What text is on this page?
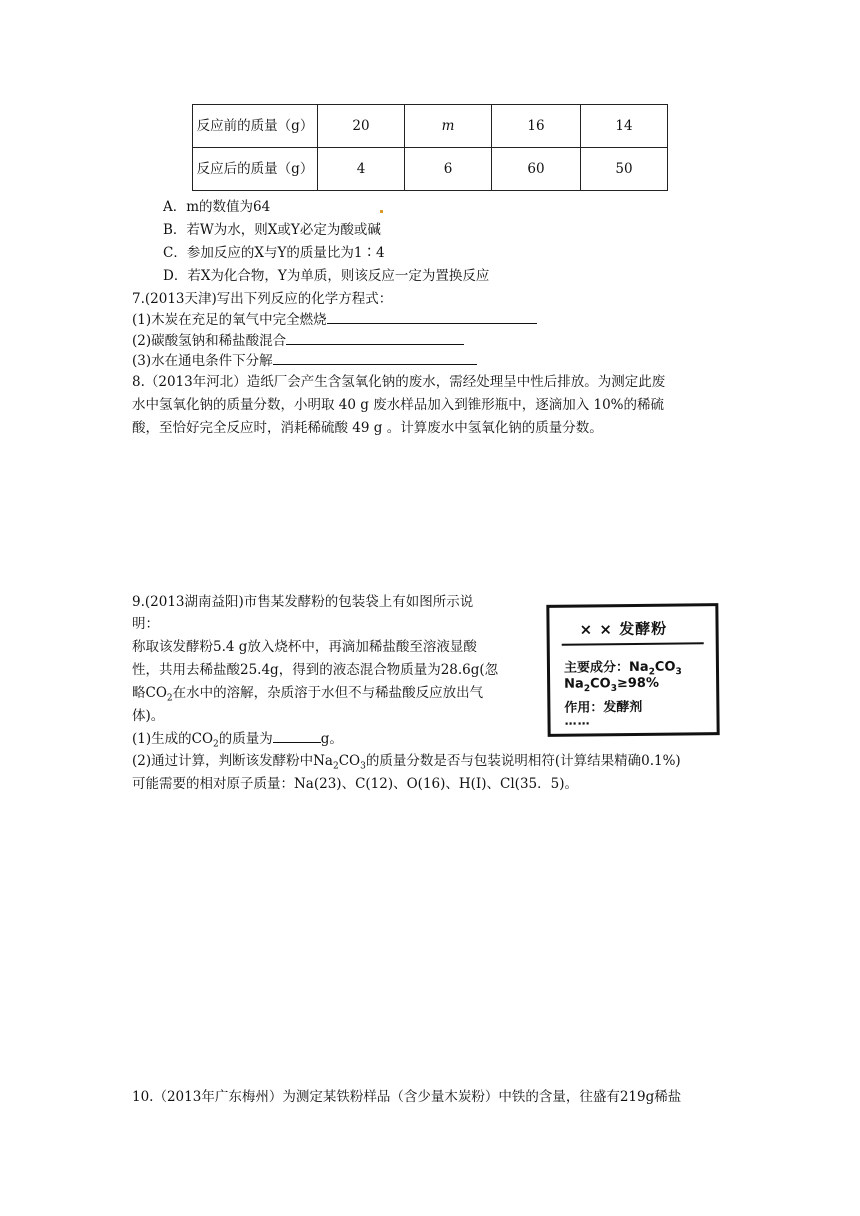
反应前的质量（g）	20	m	16	14
反应后的质量（g）	4	6	60	50
A．m的数值为64
B．若W为水，则X或Y必定为酸或碱
C．参加反应的X与Y的质量比为1∶4
D．若X为化合物，Y为单质，则该反应一定为置换反应
7.(2013天津)写出下列反应的化学方程式：
(1)木炭在充足的氧气中完全燃烧
(2)碳酸氢钠和稀盐酸混合
(3)水在通电条件下分解
8.（2013年河北）造纸厂会产生含氢氧化钠的废水，需经处理呈中性后排放。为测定此废
水中氢氧化钠的质量分数，小明取 40 g 废水样品加入到锥形瓶中，逐滴加入 10%的稀硫
酸，至恰好完全反应时，消耗稀硫酸 49 g 。计算废水中氢氧化钠的质量分数。
9.(2013湖南益阳)市售某发酵粉的包装袋上有如图所示说
明：
称取该发酵粉5.4 g放入烧杯中，再滴加稀盐酸至溶液显酸
性，共用去稀盐酸25.4g，得到的液态混合物质量为28.6g(忽
略$CO_2$在水中的溶解，杂质溶于水但不与稀盐酸反应放出气
体)。
(1)生成的$CO_2$的质量为	g。
(2)通过计算，判断该发酵粉中$Na_2CO_3$的质量分数是否与包装说明相符(计算结果精确0.1%)
可能需要的相对原子质量：Na(23)、C(12)、O(16)、H(I)、Cl(35．5)。
× × 发酵粉
主要成分：$Na_2CO_3$
$Na_2CO_3\ge 98\%$
作用：发酵剂
……
10.（2013年广东梅州）为测定某铁粉样品（含少量木炭粉）中铁的含量，往盛有219g稀盐
